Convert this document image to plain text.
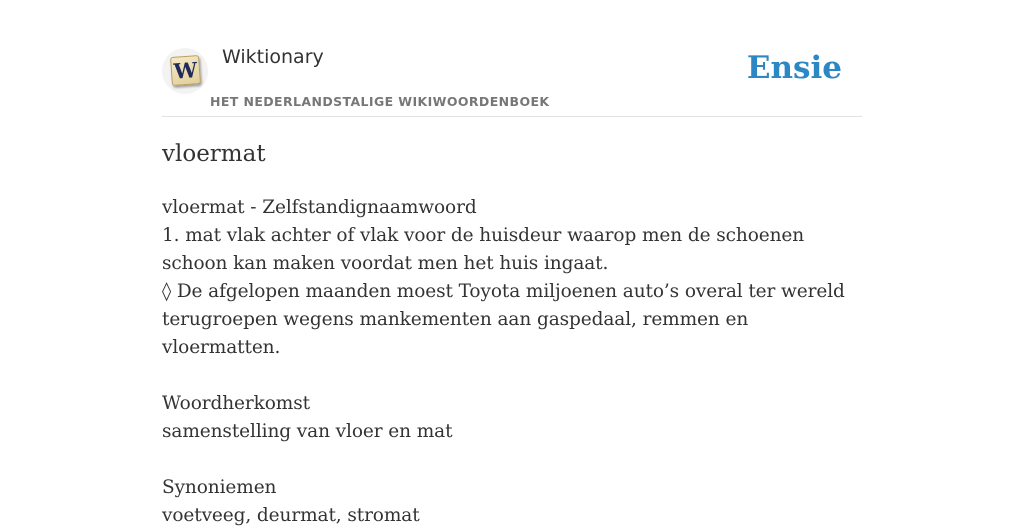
W
Wiktionary
HET NEDERLANDSTALIGE WIKIWOORDENBOEK
Ensie
vloermat
vloermat - Zelfstandignaamwoord
1. mat vlak achter of vlak voor de huisdeur waarop men de schoenen schoon kan maken voordat men het huis ingaat.
◊ De afgelopen maanden moest Toyota miljoenen auto’s overal ter wereld terugroepen wegens mankementen aan gaspedaal, remmen en vloermatten.
Woordherkomst
samenstelling van vloer en mat
Synoniemen
voetveeg, deurmat, stromat
